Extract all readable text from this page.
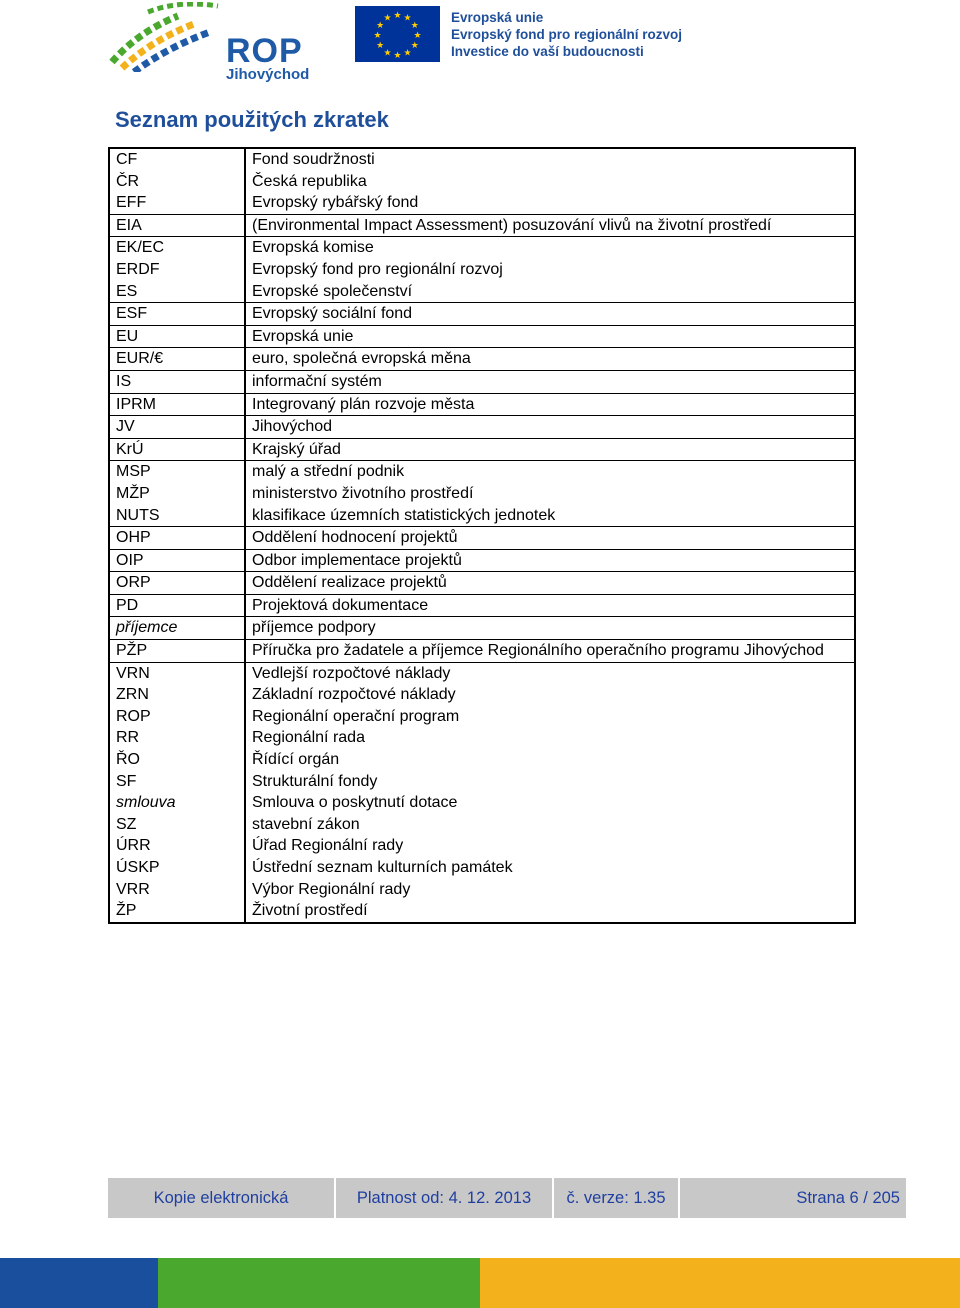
ROP
Jihovýchod
★ ★
★
★
★
★
★
★
★
★
★
★	Evropská unie
Evropský fond pro regionální rozvoj
Investice do vaší budoucnosti
Seznam použitých zkratek
CF	Fond soudržnosti
ČR	Česká republika
EFF	Evropský rybářský fond
EIA	(Environmental Impact Assessment) posuzování vlivů na životní prostředí
EK/EC	Evropská komise
ERDF	Evropský fond pro regionální rozvoj
ES	Evropské společenství
ESF	Evropský sociální fond
EU	Evropská unie
EUR/€	euro, společná evropská měna
IS	informační systém
IPRM	Integrovaný plán rozvoje města
JV	Jihovýchod
KrÚ	Krajský úřad
MSP	malý a střední podnik
MŽP	ministerstvo životního prostředí
NUTS	klasifikace územních statistických jednotek
OHP	Oddělení hodnocení projektů
OIP	Odbor implementace projektů
ORP	Oddělení realizace projektů
PD	Projektová dokumentace
příjemce	příjemce podpory
PŽP	Příručka pro žadatele a příjemce Regionálního operačního programu Jihovýchod
VRN	Vedlejší rozpočtové náklady
ZRN	Základní rozpočtové náklady
ROP	Regionální operační program
RR	Regionální rada
ŘO	Řídící orgán
SF	Strukturální fondy
smlouva	Smlouva o poskytnutí dotace
SZ	stavební zákon
ÚRR	Úřad Regionální rady
ÚSKP	Ústřední seznam kulturních památek
VRR	Výbor Regionální rady
ŽP	Životní prostředí
Kopie elektronická	Platnost od: 4. 12. 2013	č. verze: 1.35	Strana 6 / 205
